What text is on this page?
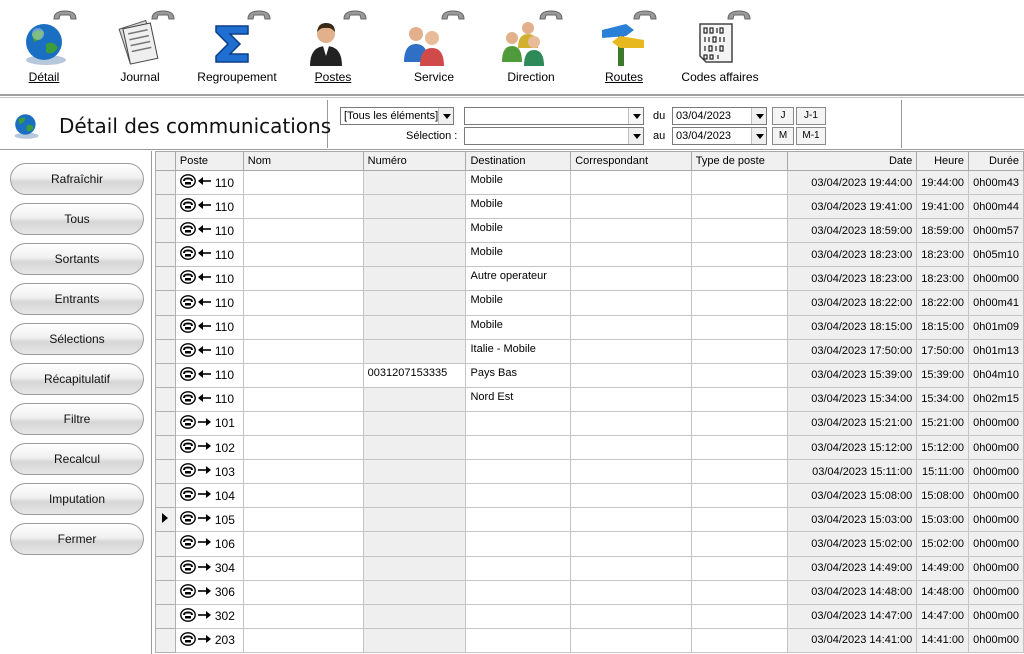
Détail	Journal	Regroupement	Postes	Service	Direction	Routes	Codes affaires
Détail des communications	[Tous les éléments]
Sélection :
du
au
03/04/2023
03/04/2023
J	J-1
M	M-1
Rafraîchir
Tous
Sortants
Entrants
Sélections
Récapitulatif
Filtre
Recalcul
Imputation
Fermer
	Poste	Nom	Numéro	Destination	Correspondant	Type de poste	Date	Heure	Durée

	110			Mobile			03/04/2023 19:44:00	19:44:00	0h00m43

	110			Mobile			03/04/2023 19:41:00	19:41:00	0h00m44

	110			Mobile			03/04/2023 18:59:00	18:59:00	0h00m57

	110			Mobile			03/04/2023 18:23:00	18:23:00	0h05m10

	110			Autre operateur			03/04/2023 18:23:00	18:23:00	0h00m00

	110			Mobile			03/04/2023 18:22:00	18:22:00	0h00m41

	110			Mobile			03/04/2023 18:15:00	18:15:00	0h01m09

	110			Italie - Mobile			03/04/2023 17:50:00	17:50:00	0h01m13

	110		0031207153335	Pays Bas			03/04/2023 15:39:00	15:39:00	0h04m10

	110			Nord Est			03/04/2023 15:34:00	15:34:00	0h02m15

	101						03/04/2023 15:21:00	15:21:00	0h00m00

	102						03/04/2023 15:12:00	15:12:00	0h00m00

	103						03/04/2023 15:11:00	15:11:00	0h00m00

	104						03/04/2023 15:08:00	15:08:00	0h00m00

	105						03/04/2023 15:03:00	15:03:00	0h00m00

	106						03/04/2023 15:02:00	15:02:00	0h00m00

	304						03/04/2023 14:49:00	14:49:00	0h00m00

	306						03/04/2023 14:48:00	14:48:00	0h00m00

	302						03/04/2023 14:47:00	14:47:00	0h00m00

	203						03/04/2023 14:41:00	14:41:00	0h00m00
